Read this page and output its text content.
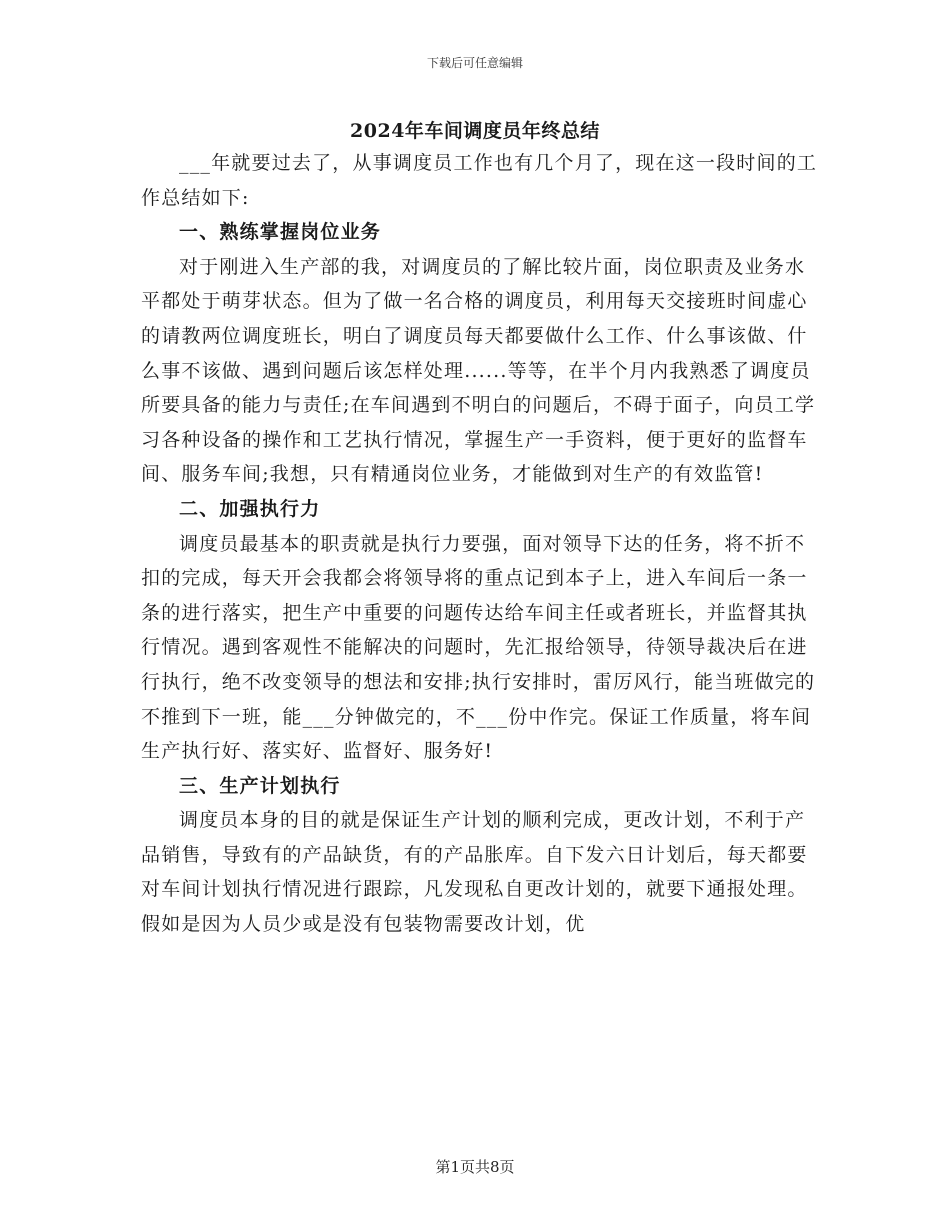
下载后可任意编辑
2024年车间调度员年终总结

___年就要过去了，从事调度员工作也有几个月了，现在这一段时间的工作总结如下:

一、熟练掌握岗位业务

对于刚进入生产部的我，对调度员的了解比较片面，岗位职责及业务水平都处于萌芽状态。但为了做一名合格的调度员，利用每天交接班时间虚心的请教两位调度班长，明白了调度员每天都要做什么工作、什么事该做、什么事不该做、遇到问题后该怎样处理......等等，在半个月内我熟悉了调度员所要具备的能力与责任;在车间遇到不明白的问题后，不碍于面子，向员工学习各种设备的操作和工艺执行情况，掌握生产一手资料，便于更好的监督车间、服务车间;我想，只有精通岗位业务，才能做到对生产的有效监管!

二、加强执行力

调度员最基本的职责就是执行力要强，面对领导下达的任务，将不折不扣的完成，每天开会我都会将领导将的重点记到本子上，进入车间后一条一条的进行落实，把生产中重要的问题传达给车间主任或者班长，并监督其执行情况。遇到客观性不能解决的问题时，先汇报给领导，待领导裁决后在进行执行，绝不改变领导的想法和安排;执行安排时，雷厉风行，能当班做完的不推到下一班，能___分钟做完的，不___份中作完。保证工作质量，将车间生产执行好、落实好、监督好、服务好!

三、生产计划执行

调度员本身的目的就是保证生产计划的顺利完成，更改计划，不利于产品销售，导致有的产品缺货，有的产品胀库。自下发六日计划后，每天都要对车间计划执行情况进行跟踪，凡发现私自更改计划的，就要下通报处理。假如是因为人员少或是没有包装物需要改计划，优

第1页共8页
